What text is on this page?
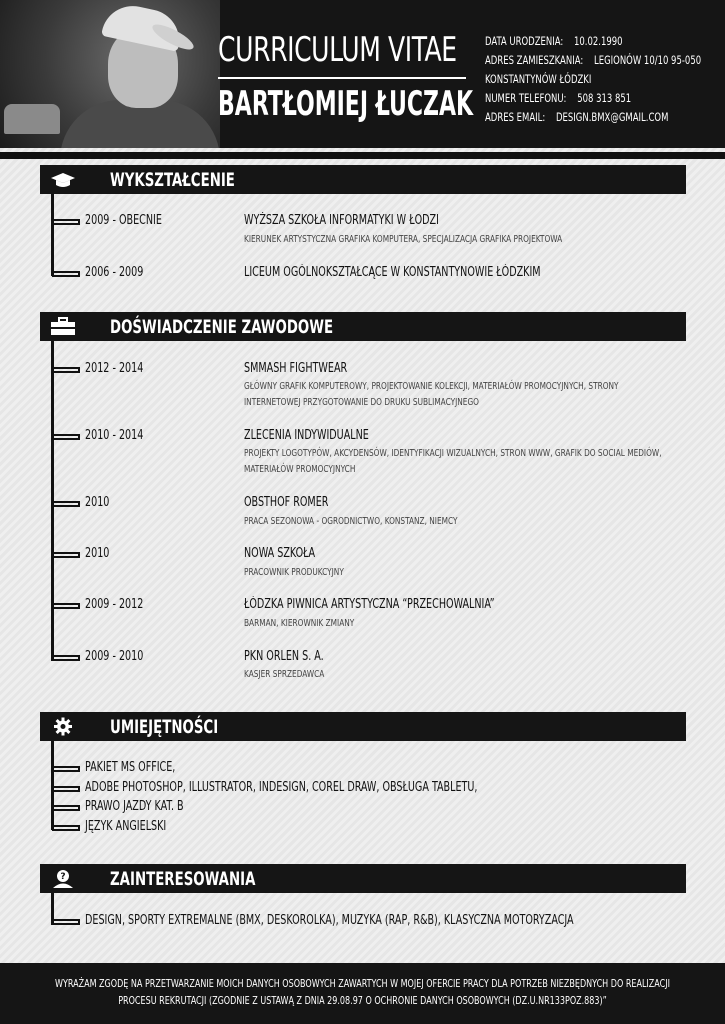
CURRICULUM VITAE
BARTŁOMIEJ ŁUCZAK
DATA URODZENIA: 10.02.1990
ADRES ZAMIESZKANIA: LEGIONÓW 10/10 95-050
KONSTANTYNÓW ŁÓDZKI
NUMER TELEFONU: 508 313 851
ADRES EMAIL: DESIGN.BMX@GMAIL.COM
WYKSZTAŁCENIE
2009 - OBECNIE	WYŻSZA SZKOŁA INFORMATYKI W ŁODZI
KIERUNEK ARTYSTYCZNA GRAFIKA KOMPUTERA, SPECJALIZACJA GRAFIKA PROJEKTOWA
2006 - 2009	LICEUM OGÓLNOKSZTAŁCĄCE W KONSTANTYNOWIE ŁÓDZKIM
DOŚWIADCZENIE ZAWODOWE
2012 - 2014	SMMASH FIGHTWEAR
GŁÓWNY GRAFIK KOMPUTEROWY, PROJEKTOWANIE KOLEKCJI, MATERIAŁÓW PROMOCYJNYCH, STRONY INTERNETOWEJ PRZYGOTOWANIE DO DRUKU SUBLIMACYJNEGO
2010 - 2014	ZLECENIA INDYWIDUALNE
PROJEKTY LOGOTYPÓW, AKCYDENSÓW, IDENTYFIKACJI WIZUALNYCH, STRON WWW, GRAFIK DO SOCIAL MEDIÓW, MATERIAŁÓW PROMOCYJNYCH
2010	OBSTHOF ROMER
PRACA SEZONOWA - OGRODNICTWO, KONSTANZ, NIEMCY
2010	NOWA SZKOŁA
PRACOWNIK PRODUKCYJNY
2009 - 2012	ŁÓDZKA PIWNICA ARTYSTYCZNA “PRZECHOWALNIA”
BARMAN, KIEROWNIK ZMIANY
2009 - 2010	PKN ORLEN S. A.
KASJER SPRZEDAWCA
UMIEJĘTNOŚCI
PAKIET MS OFFICE,
ADOBE PHOTOSHOP, ILLUSTRATOR, INDESIGN, COREL DRAW, OBSŁUGA TABLETU,
PRAWO JAZDY KAT. B
JĘZYK ANGIELSKI
? ZAINTERESOWANIA
DESIGN, SPORTY EXTREMALNE (BMX, DESKOROLKA), MUZYKA (RAP, R&B), KLASYCZNA MOTORYZACJA
WYRAŻAM ZGODĘ NA PRZETWARZANIE MOICH DANYCH OSOBOWYCH ZAWARTYCH W MOJEJ OFERCIE PRACY DLA POTRZEB NIEZBĘDNYCH DO REALIZACJI
PROCESU REKRUTACJI (ZGODNIE Z USTAWĄ Z DNIA 29.08.97 O OCHRONIE DANYCH OSOBOWYCH (DZ.U.NR133POZ.883)”
